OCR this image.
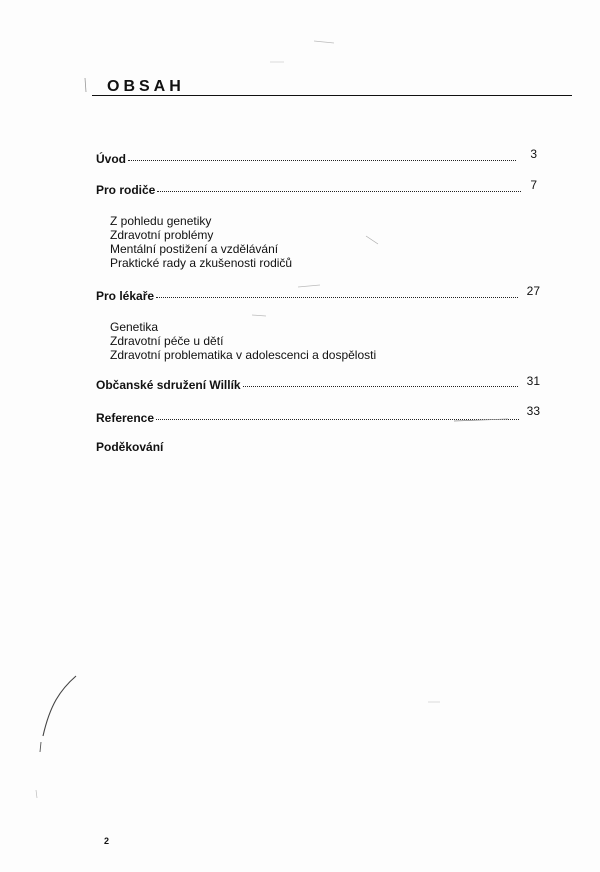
OBSAH
Úvod	3
Pro rodiče	7
Z pohledu genetiky
Zdravotní problémy
Mentální postižení a vzdělávání
Praktické rady a zkušenosti rodičů
Pro lékaře	27
Genetika
Zdravotní péče u dětí
Zdravotní problematika v adolescenci a dospělosti
Občanské sdružení Willík	31
Reference	33
Poděkování
2
